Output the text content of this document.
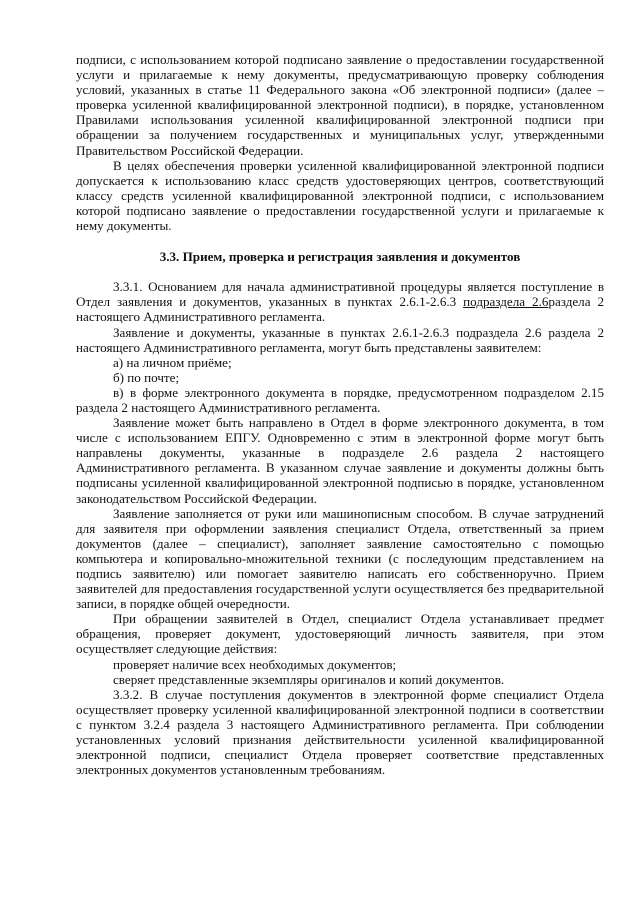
подписи, с использованием которой подписано заявление о предоставлении государственной услуги и прилагаемые к нему документы, предусматривающую проверку соблюдения условий, указанных в статье 11 Федерального закона «Об электронной подписи» (далее – проверка усиленной квалифицированной электронной подписи), в порядке, установленном Правилами использования усиленной квалифицированной электронной подписи при обращении за получением государственных и муниципальных услуг, утвержденными Правительством Российской Федерации.

В целях обеспечения проверки усиленной квалифицированной электронной подписи допускается к использованию класс средств удостоверяющих центров, соответствующий классу средств усиленной квалифицированной электронной подписи, с использованием которой подписано заявление о предоставлении государственной услуги и прилагаемые к нему документы.

3.3. Прием, проверка и регистрация заявления и документов

3.3.1. Основанием для начала административной процедуры является поступление в Отдел заявления и документов, указанных в пунктах 2.6.1-2.6.3 подраздела 2.6раздела 2 настоящего Административного регламента.

Заявление и документы, указанные в пунктах 2.6.1-2.6.3 подраздела 2.6 раздела 2 настоящего Административного регламента, могут быть представлены заявителем:

а) на личном приёме;

б) по почте;

в) в форме электронного документа в порядке, предусмотренном подразделом 2.15 раздела 2 настоящего Административного регламента.

Заявление может быть направлено в Отдел в форме электронного документа, в том числе с использованием ЕПГУ. Одновременно с этим в электронной форме могут быть направлены документы, указанные в подразделе 2.6 раздела 2 настоящего Административного регламента. В указанном случае заявление и документы должны быть подписаны усиленной квалифицированной электронной подписью в порядке, установленном законодательством Российской Федерации.

Заявление заполняется от руки или машинописным способом. В случае затруднений для заявителя при оформлении заявления специалист Отдела, ответственный за прием документов (далее – специалист), заполняет заявление самостоятельно с помощью компьютера и копировально-множительной техники (с последующим представлением на подпись заявителю) или помогает заявителю написать его собственноручно. Прием заявителей для предоставления государственной услуги осуществляется без предварительной записи, в порядке общей очередности.

При обращении заявителей в Отдел, специалист Отдела устанавливает предмет обращения, проверяет документ, удостоверяющий личность заявителя, при этом осуществляет следующие действия:

проверяет наличие всех необходимых документов;

сверяет представленные экземпляры оригиналов и копий документов.

3.3.2. В случае поступления документов в электронной форме специалист Отдела осуществляет проверку усиленной квалифицированной электронной подписи в соответствии с пунктом 3.2.4 раздела 3 настоящего Административного регламента. При соблюдении установленных условий признания действительности усиленной квалифицированной электронной подписи, специалист Отдела проверяет соответствие представленных электронных документов установленным требованиям.
